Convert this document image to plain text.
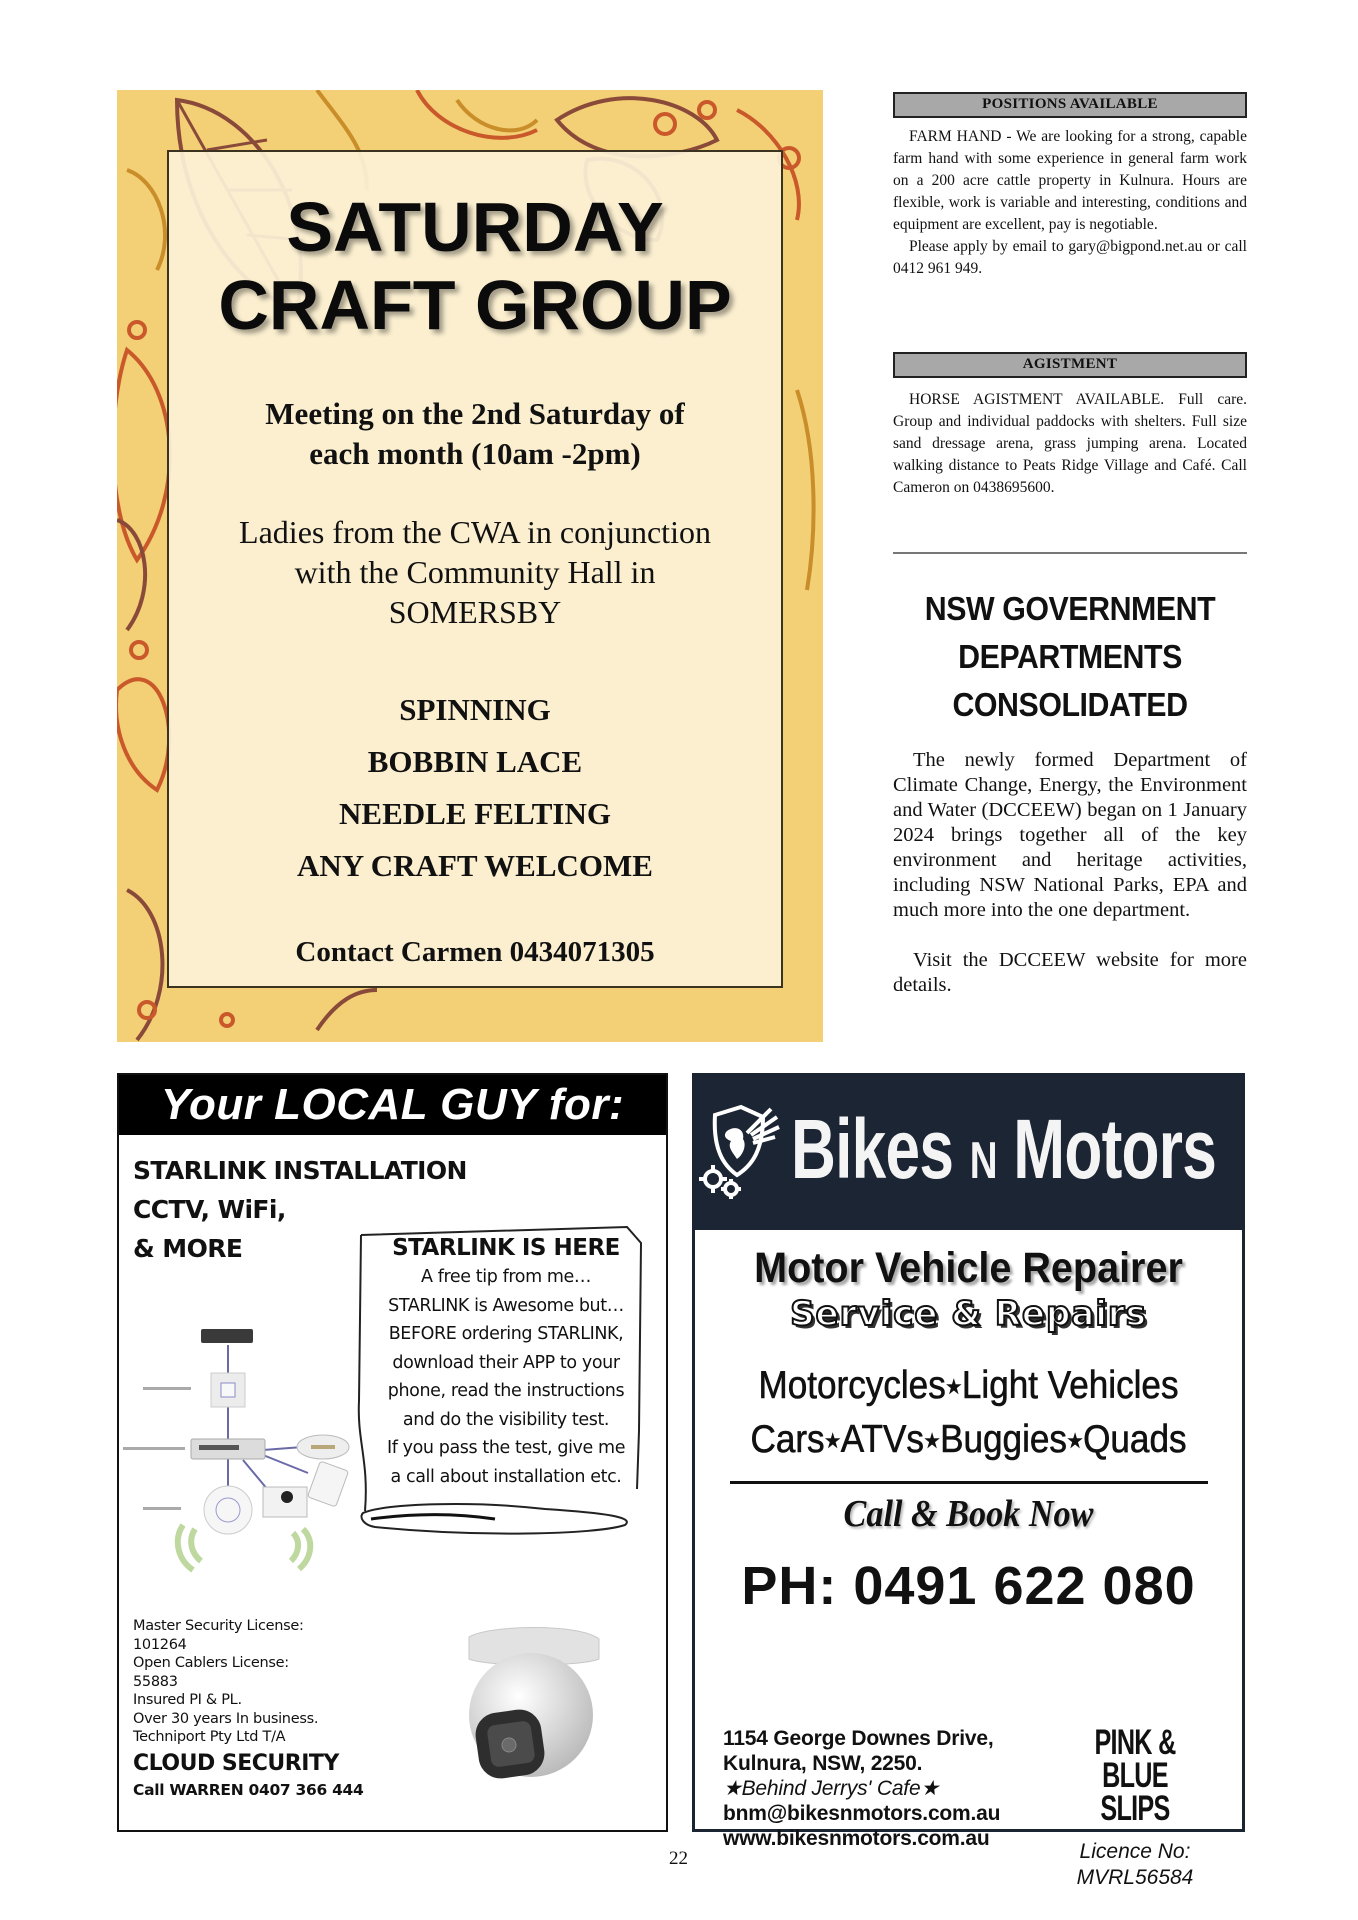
SATURDAY
CRAFT GROUP
Meeting on the 2nd Saturday of
each month (10am -2pm)
Ladies from the CWA in conjunction
with the Community Hall in
SOMERSBY
SPINNING
BOBBIN LACE
NEEDLE FELTING
ANY CRAFT WELCOME
Contact Carmen 0434071305
POSITIONS AVAILABLE

FARM HAND - We are looking for a strong, capable farm hand with some experience in general farm work on a 200 acre cattle property in Kulnura. Hours are flexible, work is variable and interesting, conditions and equipment are excellent, pay is negotiable.

Please apply by email to gary@bigpond.net.au or call 0412 961 949.

AGISTMENT

HORSE AGISTMENT AVAILABLE. Full care. Group and individual paddocks with shelters. Full size sand dressage arena, grass jumping arena. Located walking distance to Peats Ridge Village and Café. Call Cameron on 0438695600.

NSW GOVERNMENT
DEPARTMENTS
CONSOLIDATED

The newly formed Department of Climate Change, Energy, the Environment and Water (DCCEEW) began on 1 January 2024 brings together all of the key environment and heritage activities, including NSW National Parks, EPA and much more into the one department.

Visit the DCCEEW website for more details.

Your LOCAL GUY for:
STARLINK INSTALLATION
CCTV, WiFi,
& MORE	STARLINK IS HERE
A free tip from me…
STARLINK is Awesome but…
BEFORE ordering STARLINK,
download their APP to your
phone, read the instructions
and do the visibility test.
If you pass the test, give me
a call about installation etc.
Master Security License:
101264
Open Cablers License:
55883
Insured PI & PL.
Over 30 years In business.
Techniport Pty Ltd T/A
CLOUD SECURITY
Call WARREN 0407 366 444
Bikes N Motors
Motor Vehicle Repairer
Service & Repairs
Motorcycles★Light Vehicles
Cars★ATVs★Buggies★Quads
Call & Book Now
PH: 0491 622 080
1154 George Downes Drive,
Kulnura, NSW, 2250.
★Behind Jerrys' Cafe★
bnm@bikesnmotors.com.au
www.bikesnmotors.com.au
PINK & BLUE
SLIPS
Licence No:
MVRL56584
22
